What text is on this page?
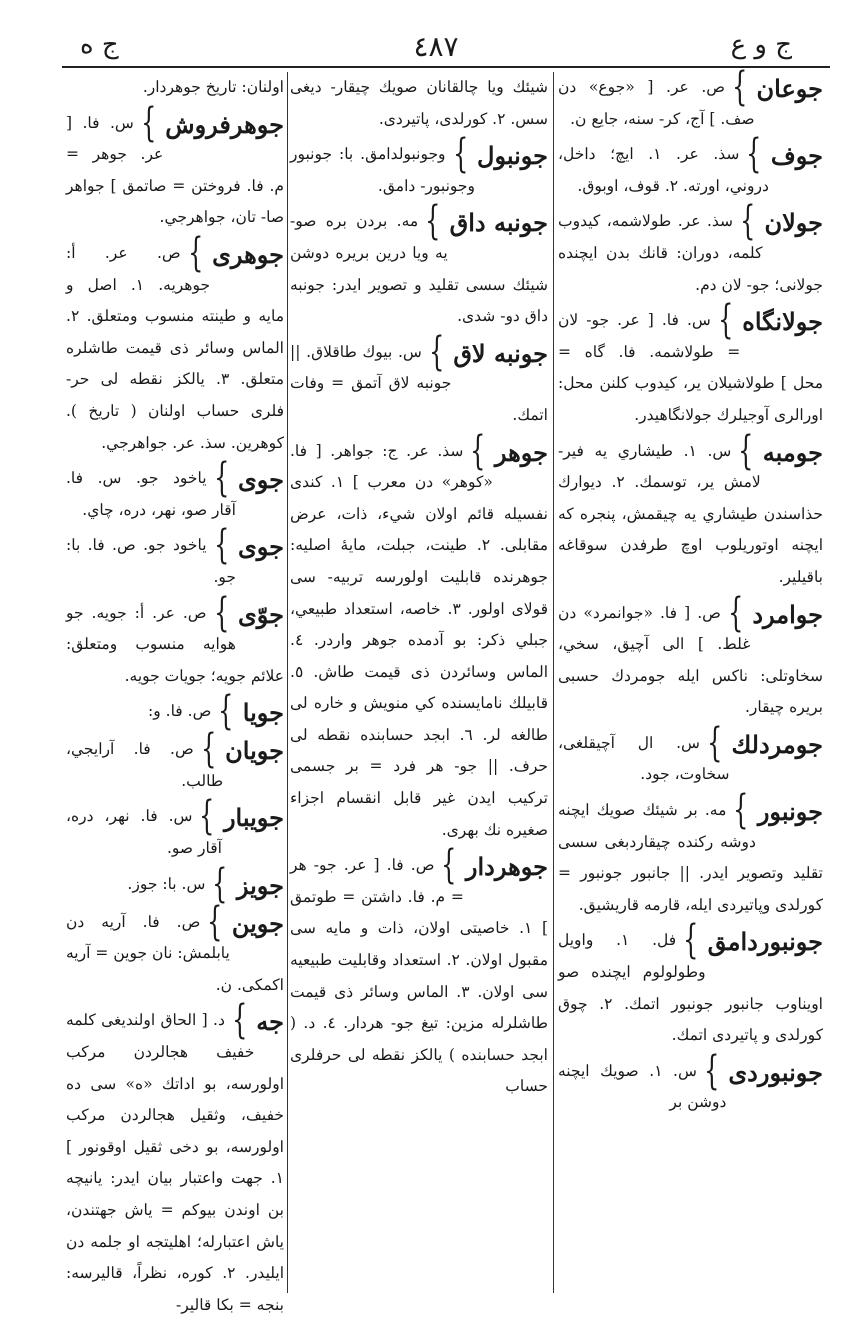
ج و ع
٤٨٧
ج ه
جوعان
}
ص. عر. [ «جوع» دن صف. ] آج، كر- سنه، جايع ن.
جوف
}
سذ. عر. ١. ايچ؛ داخل، دروني، اورته. ٢. قوف، اوبوق.
جولان
}
سذ. عر. طولاشمه، كيدوب كلمه، دوران: قانك بدن ايچنده جولانى؛ جو- لان دم.
جولانگاه
}
س. فا. [ عر. جو- لان = طولاشمه. فا. گاه = محل ] طولاشيلان ير، كيدوب كلنن محل: اورالرى آوجيلرك جولانگاهيدر.
جومبه
}
س. ١. طيشاري يه فير- لامش ير، توسمك. ٢. ديوارك حذاسندن طيشاري يه چيقمش، پنجره كه ايچنه اوتوريلوب اوچ طرفدن سوقاغه باقيلير.
جوامرد
}
ص. [ فا. «جوانمرد» دن غلط. ] الى آچيق، سخي، سخاوتلى: ناكس ايله جومردك حسبى بريره چيقار.
جومردلك
}
س. ال آچيقلغى، سخاوت، جود.
جونبور
}
مه. بر شيئك صويك ايچنه دوشه ركنده چيقاردبغى سسى تقليد وتصوير ايدر. || جانبور جونبور = كورلدى وپاتيردى ايله، قارمه قاريشيق.
جونبوردامق
}
فل. ١. واويل وطولولوم ايچنده صو اويناوب جانبور جونبور اتمك. ٢. چوق كورلدى و پاتيردى اتمك.
جونبوردى
}
س. ١. صويك ايچنه دوشن بر
شيئك ويا چالقانان صويك چيقار- ديغى سس. ٢. كورلدى، پاتيردى.
جونبول
}
وجونبولدامق. با: جونبور وجونبور- دامق.
جونبه داق
}
مه. بردن بره صو- يه ويا درين بريره دوشن شيئك سسى تقليد و تصوير ايدر: جونبه داق دو- شدى.
جونبه لاق
}
س. بيوك طاقلاق. || جونبه لاق آتمق = وفات اتمك.
جوهر
}
سذ. عر. ج: جواهر. [ فا. «كوهر» دن معرب ] ١. كندى نفسيله قائم اولان شيء، ذات، عرض مقابلى. ٢. طينت، جبلت، مايهٔ اصليه: جوهرنده قابليت اولورسه تربيه- سى قولاى اولور. ٣. خاصه، استعداد طبيعي، جبلي ذكر: بو آدمده جوهر واردر. ٤. الماس وسائردن ذى قيمت طاش. ٥. قابيلك نامايسنده كي منويش و خاره لى طالغه لر. ٦. ابجد حسابنده نقطه لى حرف. || جو- هر فرد = بر جسمى تركيب ايدن غير قابل انقسام اجزاء صغيره نك بهرى.
جوهردار
}
ص. فا. [ عر. جو- هر = م. فا. داشتن = طوتمق ] ١. خاصيتى اولان، ذات و مايه سى مقبول اولان. ٢. استعداد وقابليت طبيعيه سى اولان. ٣. الماس وسائر ذى قيمت طاشلرله مزين: تيغ جو- هردار. ٤. د. ( ابجد حسابنده ) يالكز نقطه لى حرفلرى حساب
اولنان: تاريخ جوهردار.
جوهرفروش
}
س. فا. [ عر. جوهر = م. فا. فروختن = صاتمق ] جواهر صا- تان، جواهرجي.
جوهرى
}
ص. عر. أ: جوهريه. ١. اصل و مايه و طينته منسوب ومتعلق. ٢. الماس وسائر ذى قيمت طاشلره متعلق. ٣. يالكز نقطه لى حر- فلرى حساب اولنان ( تاريخ ). كوهرين. سذ. عر. جواهرجي.
جوى
}
ياخود جو. س. فا. آقار صو، نهر، دره، چاي.
جوى
}
ياخود جو. ص. فا. با: جو.
جوّى
}
ص. عر. أ: جويه. جو هوايه منسوب ومتعلق: علائم جويه؛ جويات جويه.
جويا
}
ص. فا. و:
جويان
}
ص. فا. آرايجي، طالب.
جويبار
}
س. فا. نهر، دره، آقار صو.
جويز
}
س. با: جوز.
جوين
}
ص. فا. آريه دن يابلمش: نان جوين = آريه اكمكى. ن.
جه
}
د. [ الحاق اولنديغى كلمه خفيف هجالردن مركب اولورسه، بو اداتك «ه» سى ده خفيف، وثقيل هجالردن مركب اولورسه، بو دخى ثقيل اوقونور ] ١. جهت واعتبار بيان ايدر: يانيچه بن اوندن بيوكم = ياش جهتندن، ياش اعتبارله؛ اهليتجه او جلمه دن ايليدر. ٢. كوره، نظراً، قاليرسه: بنجه = بكا قالير-
